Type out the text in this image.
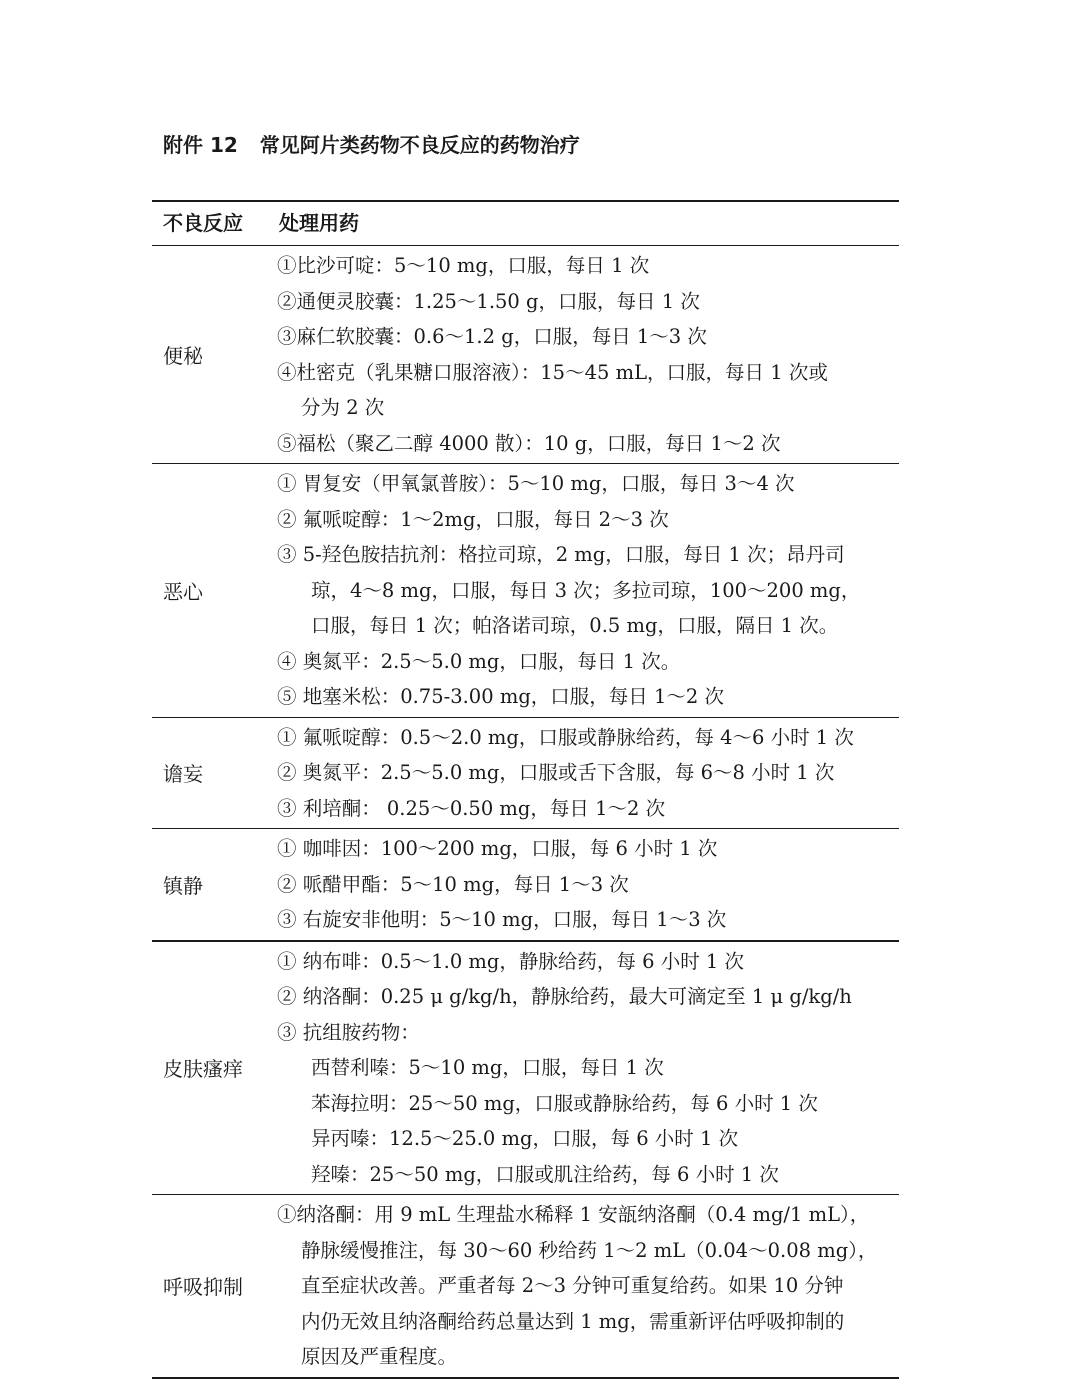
附件 12 常见阿片类药物不良反应的药物治疗
不良反应 处理用药
便秘
①比沙可啶：5～10 mg，口服，每日 1 次
②通便灵胶囊：1.25～1.50 g，口服，每日 1 次
③麻仁软胶囊：0.6～1.2 g，口服，每日 1～3 次
④杜密克（乳果糖口服溶液）：15～45 mL，口服，每日 1 次或
分为 2 次
⑤福松（聚乙二醇 4000 散）：10 g，口服，每日 1～2 次
恶心
① 胃复安（甲氧氯普胺）：5～10 mg，口服，每日 3～4 次
② 氟哌啶醇：1～2mg，口服，每日 2～3 次
③ 5-羟色胺拮抗剂：格拉司琼，2 mg，口服，每日 1 次；昂丹司
琼，4～8 mg，口服，每日 3 次；多拉司琼，100～200 mg，
口服，每日 1 次；帕洛诺司琼，0.5 mg，口服，隔日 1 次。
④ 奥氮平：2.5～5.0 mg，口服，每日 1 次。
⑤ 地塞米松：0.75-3.00 mg，口服，每日 1～2 次
谵妄
① 氟哌啶醇：0.5～2.0 mg，口服或静脉给药，每 4～6 小时 1 次
② 奥氮平：2.5～5.0 mg，口服或舌下含服，每 6～8 小时 1 次
③ 利培酮： 0.25～0.50 mg，每日 1～2 次
镇静
① 咖啡因：100～200 mg，口服，每 6 小时 1 次
② 哌醋甲酯：5～10 mg，每日 1～3 次
③ 右旋安非他明：5～10 mg，口服，每日 1～3 次
皮肤瘙痒
① 纳布啡：0.5～1.0 mg，静脉给药，每 6 小时 1 次
② 纳洛酮：0.25 μ g/kg/h，静脉给药，最大可滴定至 1 μ g/kg/h
③ 抗组胺药物：
西替利嗪：5～10 mg，口服，每日 1 次
苯海拉明：25～50 mg，口服或静脉给药，每 6 小时 1 次
异丙嗪：12.5～25.0 mg，口服，每 6 小时 1 次
羟嗪：25～50 mg，口服或肌注给药，每 6 小时 1 次
呼吸抑制
①纳洛酮：用 9 mL 生理盐水稀释 1 安瓿纳洛酮（0.4 mg/1 mL），
静脉缓慢推注，每 30～60 秒给药 1～2 mL（0.04～0.08 mg），
直至症状改善。严重者每 2～3 分钟可重复给药。如果 10 分钟
内仍无效且纳洛酮给药总量达到 1 mg，需重新评估呼吸抑制的
原因及严重程度。
